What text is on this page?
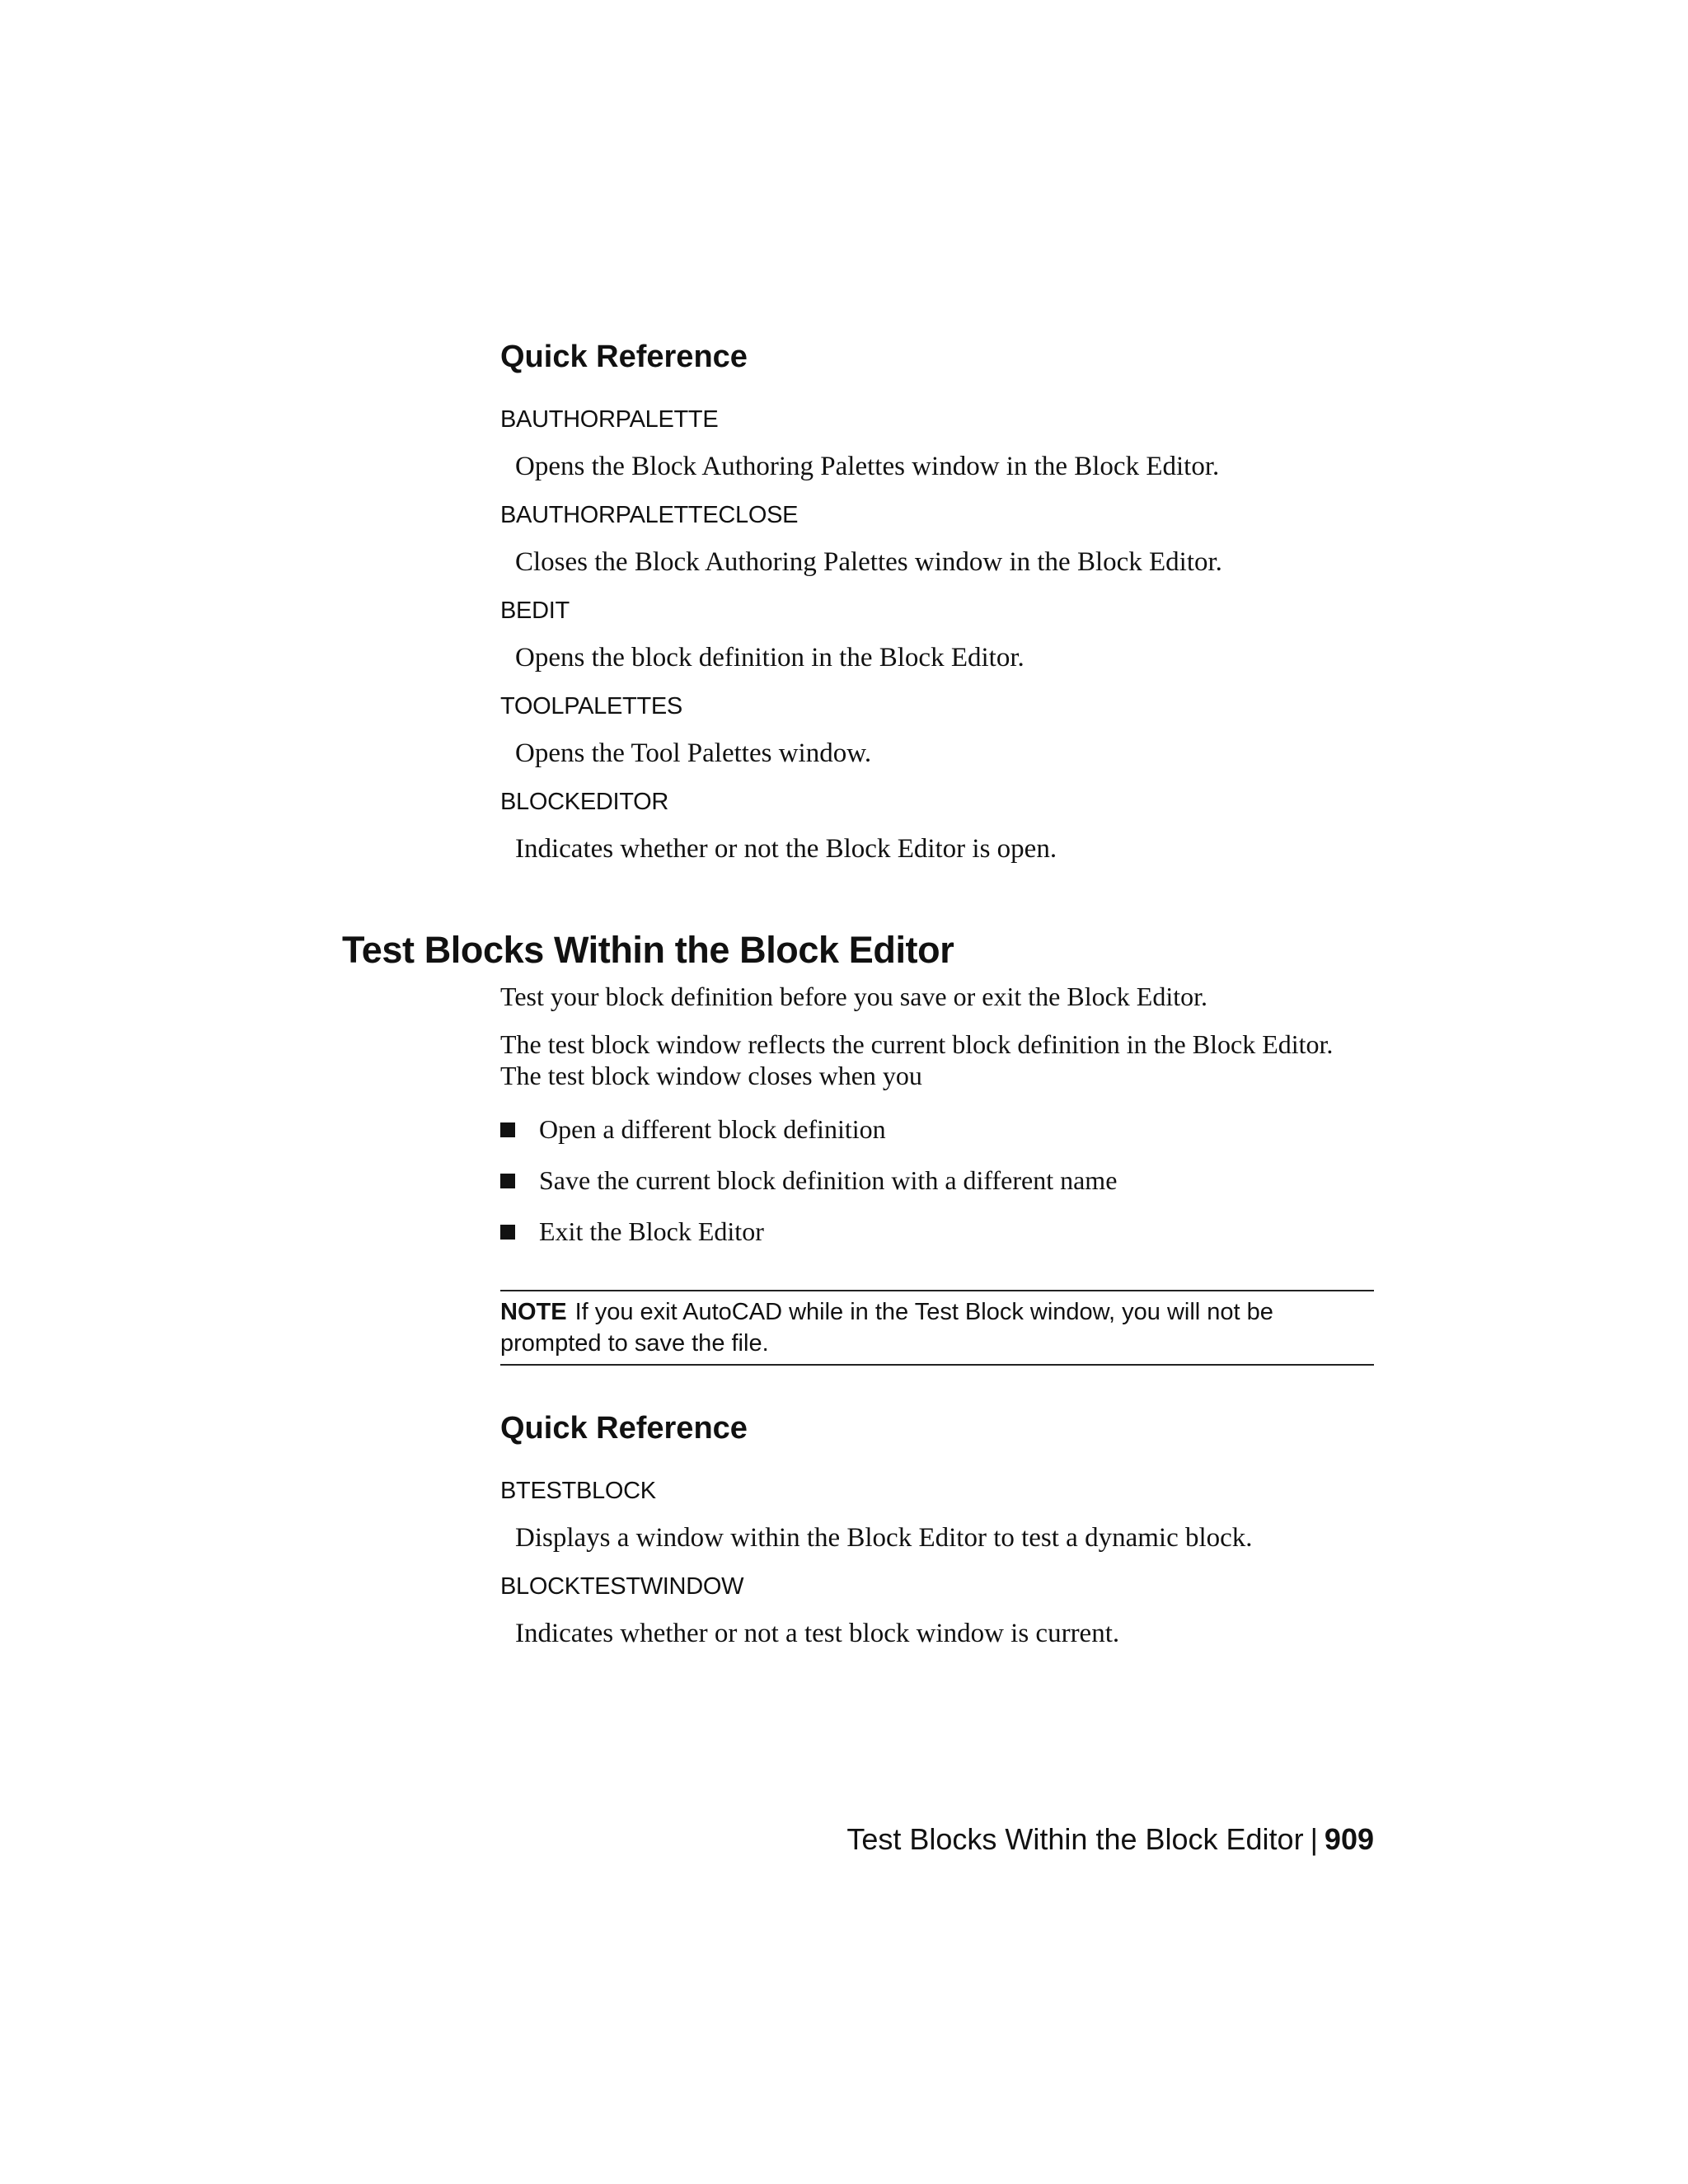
Quick Reference
BAUTHORPALETTE
Opens the Block Authoring Palettes window in the Block Editor.
BAUTHORPALETTECLOSE
Closes the Block Authoring Palettes window in the Block Editor.
BEDIT
Opens the block definition in the Block Editor.
TOOLPALETTES
Opens the Tool Palettes window.
BLOCKEDITOR
Indicates whether or not the Block Editor is open.
Test Blocks Within the Block Editor

Test your block definition before you save or exit the Block Editor.

The test block window reflects the current block definition in the Block Editor.

The test block window closes when you

Open a different block definition
Save the current block definition with a different name
Exit the Block Editor

NOTE If you exit AutoCAD while in the Test Block window, you will not be

prompted to save the file.

Quick Reference
BTESTBLOCK
Displays a window within the Block Editor to test a dynamic block.
BLOCKTESTWINDOW
Indicates whether or not a test block window is current.
Test Blocks Within the Block Editor | 909
